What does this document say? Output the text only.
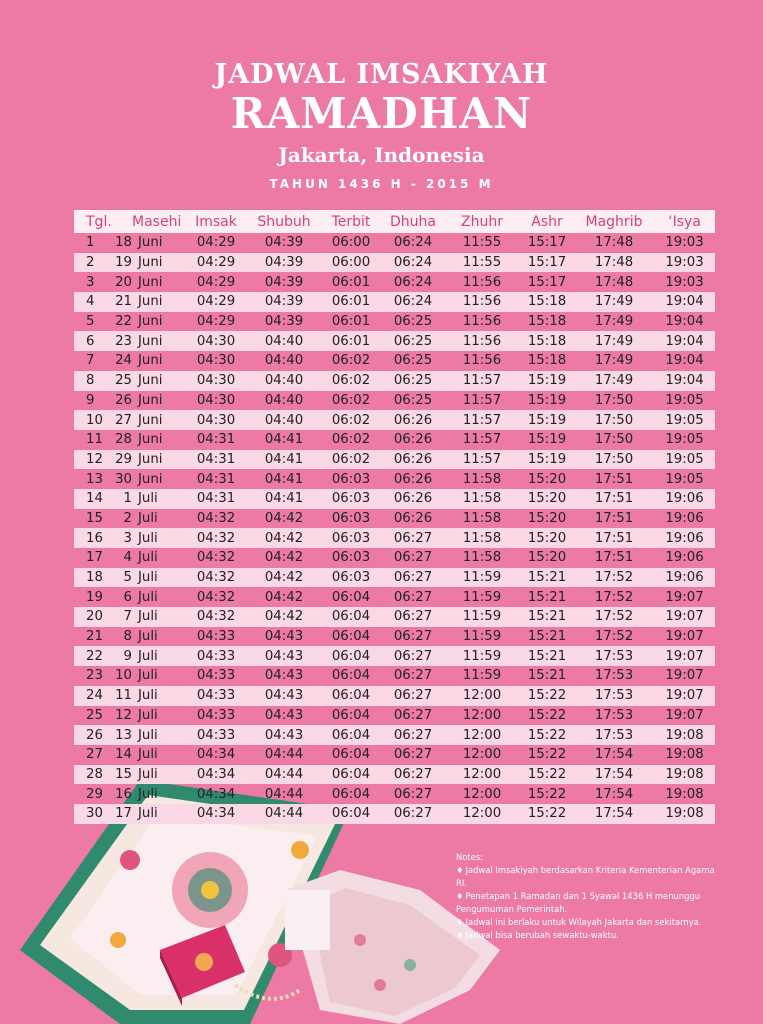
JADWAL IMSAKIYAH
RAMADHAN
Jakarta, Indonesia
TAHUN 1436 H - 2015 M
Tgl.	Masehi Imsak	Shubuh	Terbit	Dhuha	Zhuhr	Ashr	Maghrib	‘Isya
1	18 Juni	04:29	04:39	06:00	06:24	11:55	15:17	17:48	19:03
2	19 Juni	04:29	04:39	06:00	06:24	11:55	15:17	17:48	19:03
3	20 Juni	04:29	04:39	06:01	06:24	11:56	15:17	17:48	19:03
4	21 Juni	04:29	04:39	06:01	06:24	11:56	15:18	17:49	19:04
5	22 Juni	04:29	04:39	06:01	06:25	11:56	15:18	17:49	19:04
6	23 Juni	04:30	04:40	06:01	06:25	11:56	15:18	17:49	19:04
7	24 Juni	04:30	04:40	06:02	06:25	11:56	15:18	17:49	19:04
8	25 Juni	04:30	04:40	06:02	06:25	11:57	15:19	17:49	19:04
9	26 Juni	04:30	04:40	06:02	06:25	11:57	15:19	17:50	19:05
10 27 Juni	04:30	04:40	06:02	06:26	11:57	15:19	17:50	19:05
11 28 Juni	04:31	04:41	06:02	06:26	11:57	15:19	17:50	19:05
12 29 Juni	04:31	04:41	06:02	06:26	11:57	15:19	17:50	19:05
13 30 Juni	04:31	04:41	06:03	06:26	11:58	15:20	17:51	19:05
14	1 Juli	04:31	04:41	06:03	06:26	11:58	15:20	17:51	19:06
15	2 Juli	04:32	04:42	06:03	06:26	11:58	15:20	17:51	19:06
16	3 Juli	04:32	04:42	06:03	06:27	11:58	15:20	17:51	19:06
17	4 Juli	04:32	04:42	06:03	06:27	11:58	15:20	17:51	19:06
18	5 Juli	04:32	04:42	06:03	06:27	11:59	15:21	17:52	19:06
19	6 Juli	04:32	04:42	06:04	06:27	11:59	15:21	17:52	19:07
20	7 Juli	04:32	04:42	06:04	06:27	11:59	15:21	17:52	19:07
21	8 Juli	04:33	04:43	06:04	06:27	11:59	15:21	17:52	19:07
22	9 Juli	04:33	04:43	06:04	06:27	11:59	15:21	17:53	19:07
23 10 Juli	04:33	04:43	06:04	06:27	11:59	15:21	17:53	19:07
24 11 Juli	04:33	04:43	06:04	06:27	12:00	15:22	17:53	19:07
25 12 Juli	04:33	04:43	06:04	06:27	12:00	15:22	17:53	19:07
26 13 Juli	04:33	04:43	06:04	06:27	12:00	15:22	17:53	19:08
27 14 Juli	04:34	04:44	06:04	06:27	12:00	15:22	17:54	19:08
28 15 Juli	04:34	04:44	06:04	06:27	12:00	15:22	17:54	19:08
29 16 Juli	04:34	04:44	06:04	06:27	12:00	15:22	17:54	19:08
30 17 Juli	04:34	04:44	06:04	06:27	12:00	15:22	17:54	19:08
Notes:
♦ Jadwal Imsakiyah berdasarkan Kriteria Kementerian Agama RI.
♦ Penetapan 1 Ramadan dan 1 Syawal 1436 H menunggu Pengumuman Pemerintah.
♦ Jadwal ini berlaku untuk Wilayah Jakarta dan sekitarnya.
♦ Jadwal bisa berubah sewaktu-waktu.
